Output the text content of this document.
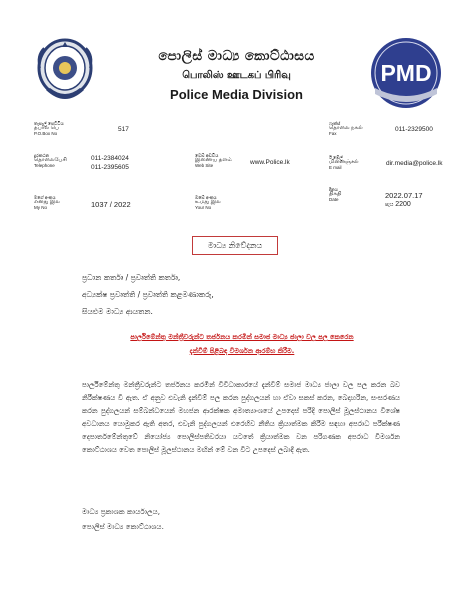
පොලිස් මාධ්‍ය කොට්ඨාසය
பொலிஸ் ஊடகப் பிரிவு
Police Media Division
PMD
තැපැල් පෙට්ටිය
தபால் பெ
P.O.Box No
517
දුරකථන
தொலைபேசி
Telephone
011-2384024
011-2395605
වෙබ් අඩවිය
இணைய தளம்
Web Site	www.Police.lk
මගේ අංකය
எனது இல
My No	1037 / 2022
ඔබේ අංකය
உமது இல
Your No
ෆැක්ස්
தொலை நகல்
Fax
011-2329500
ඊ මේල්
மின்னஞ்சல்
E mail
dir.media@police.lk
දිනය
திகதி
Date	2022.07.17
පැය 2200
මාධ්‍ය නිවේදනය
ප්‍රධාන කර්තෘ / ප්‍රවෘත්ති කර්තෘ,
අධ්‍යක්ෂ ප්‍රවෘත්ති / ප්‍රවෘත්ති කළමණාකරු,
සියළුම මාධ්‍ය ආයතන.
පාර්ලිමේන්තු මන්ත්‍රීවරුන්ට තර්ජනය කරමින් සමාජ මාධ්‍ය ජාලා වල පල කෙරෙන
දැන්වීම් පිළිබඳ විමර්ශන ආරම්භ කිරීම.
පාර්ලිමේන්තු මන්ත්‍රීවරුන්ට තර්ජනය කරමින් විවිධාකාරයේ දැන්වීම් සමාජ මාධ්‍ය ජාලා වල පල කරන බව නිරීක්ෂණය වී ඇත. ඒ අනුව එවැනි දැන්වීම් පල කරන පුද්ගලයන් හා ඒවා සකස් කරන, බෙදාහරින, සංසරණය කරන පුද්ගලයන් සම්බන්ධයෙන් මහජන ආරක්ෂක අමාත්‍යාංශයේ උපදෙස් පරිදි පොලිස් මූලස්ථානය විශේෂ අවධානය යොමුකර ඇති අතර, එවැනි පුද්ගලයන් එරෙහිව නීතිය ක්‍රියාත්මක කිරීම සඳහා අපරාධ පරීක්ෂණ දෙපාර්තමේන්තුවේ නියෝජ්‍ය පොලිස්පතිවරයා යටතේ ක්‍රියාත්මක වන පරිගණක අපරාධ විමර්ශන කොට්ඨාශය වෙත පොලිස් මූලස්ථානය මඟින් මේ වන විට උපදෙස් ලබාදී ඇත.
මාධ්‍ය ප්‍රකාශක කාර්යාලය,
පොලිස් මාධ්‍ය කොට්ඨාශය.
